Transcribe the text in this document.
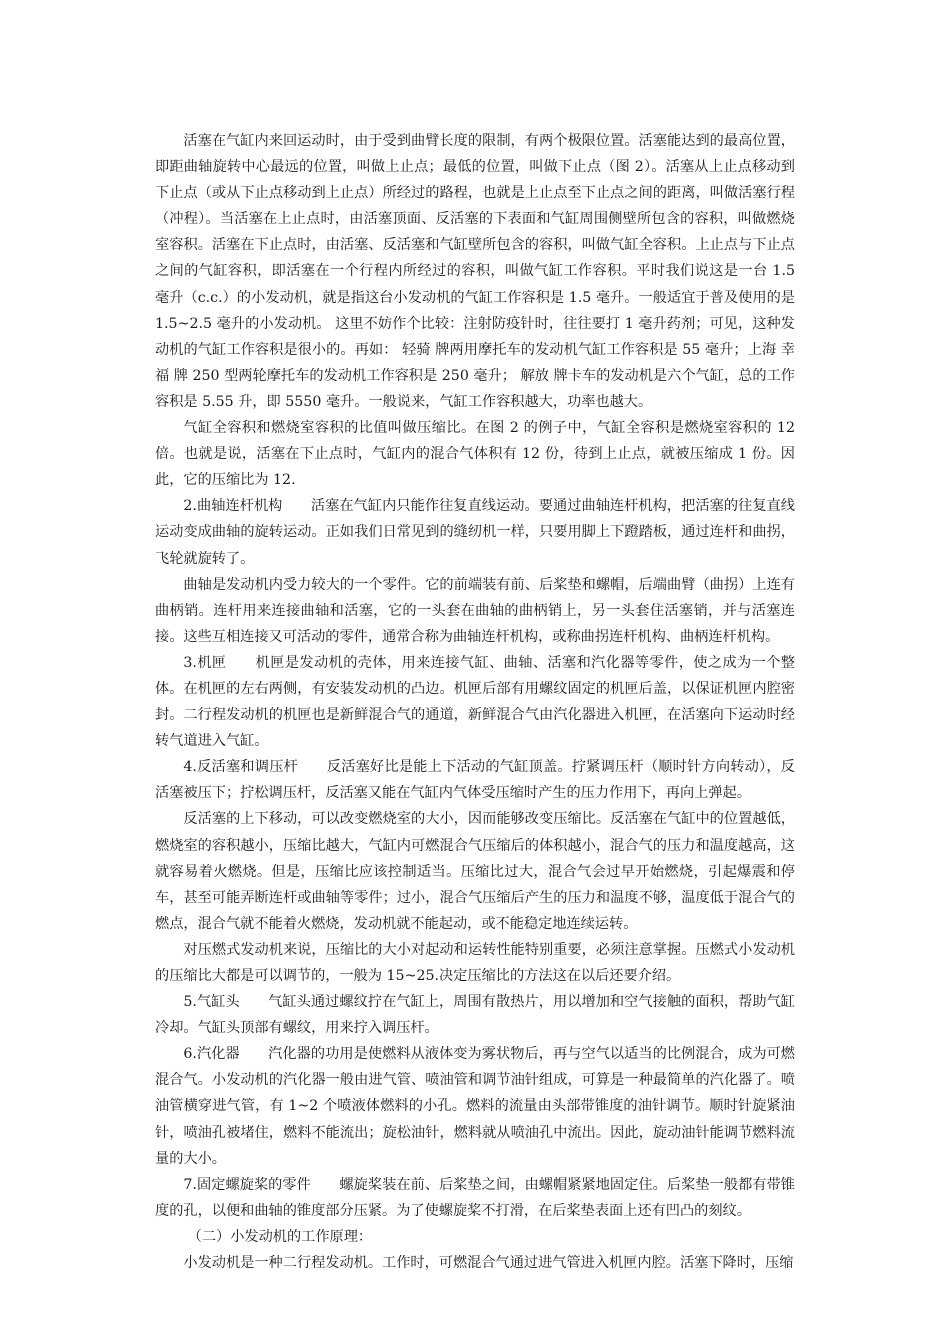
活塞在气缸内来回运动时，由于受到曲臂长度的限制，有两个极限位置。活塞能达到的最高位置，即距曲轴旋转中心最远的位置，叫做上止点；最低的位置，叫做下止点（图 2）。活塞从上止点移动到下止点（或从下止点移动到上止点）所经过的路程，也就是上止点至下止点之间的距离，叫做活塞行程（冲程）。当活塞在上止点时，由活塞顶面、反活塞的下表面和气缸周围侧壁所包含的容积，叫做燃烧室容积。活塞在下止点时，由活塞、反活塞和气缸壁所包含的容积，叫做气缸全容积。上止点与下止点之间的气缸容积，即活塞在一个行程内所经过的容积，叫做气缸工作容积。平时我们说这是一台 1.5 毫升（c.c.）的小发动机，就是指这台小发动机的气缸工作容积是 1.5 毫升。一般适宜于普及使用的是 1.5~2.5 毫升的小发动机。 这里不妨作个比较：注射防疫针时，往往要打 1 毫升药剂；可见，这种发动机的气缸工作容积是很小的。再如： 轻骑 牌两用摩托车的发动机气缸工作容积是 55 毫升；上海 幸福 牌 250 型两轮摩托车的发动机工作容积是 250 毫升； 解放 牌卡车的发动机是六个气缸，总的工作容积是 5.55 升，即 5550 毫升。一般说来，气缸工作容积越大，功率也越大。

气缸全容积和燃烧室容积的比值叫做压缩比。在图 2 的例子中，气缸全容积是燃烧室容积的 12 倍。也就是说，活塞在下止点时，气缸内的混合气体积有 12 份，待到上止点，就被压缩成 1 份。因此，它的压缩比为 12.

2.曲轴连杆机构　　活塞在气缸内只能作往复直线运动。要通过曲轴连杆机构，把活塞的往复直线运动变成曲轴的旋转运动。正如我们日常见到的缝纫机一样，只要用脚上下蹬踏板，通过连杆和曲拐，飞轮就旋转了。

曲轴是发动机内受力较大的一个零件。它的前端装有前、后桨垫和螺帽，后端曲臂（曲拐）上连有曲柄销。连杆用来连接曲轴和活塞，它的一头套在曲轴的曲柄销上，另一头套住活塞销，并与活塞连接。这些互相连接又可活动的零件，通常合称为曲轴连杆机构，或称曲拐连杆机构、曲柄连杆机构。

3.机匣　　机匣是发动机的壳体，用来连接气缸、曲轴、活塞和汽化器等零件，使之成为一个整体。在机匣的左右两侧，有安装发动机的凸边。机匣后部有用螺纹固定的机匣后盖，以保证机匣内腔密封。二行程发动机的机匣也是新鲜混合气的通道，新鲜混合气由汽化器进入机匣，在活塞向下运动时经转气道进入气缸。

4.反活塞和调压杆　　反活塞好比是能上下活动的气缸顶盖。拧紧调压杆（顺时针方向转动），反活塞被压下；拧松调压杆，反活塞又能在气缸内气体受压缩时产生的压力作用下，再向上弹起。

反活塞的上下移动，可以改变燃烧室的大小，因而能够改变压缩比。反活塞在气缸中的位置越低，燃烧室的容积越小，压缩比越大，气缸内可燃混合气压缩后的体积越小，混合气的压力和温度越高，这就容易着火燃烧。但是，压缩比应该控制适当。压缩比过大，混合气会过早开始燃烧，引起爆震和停车，甚至可能弄断连杆或曲轴等零件；过小，混合气压缩后产生的压力和温度不够，温度低于混合气的燃点，混合气就不能着火燃烧，发动机就不能起动，或不能稳定地连续运转。

对压燃式发动机来说，压缩比的大小对起动和运转性能特别重要，必须注意掌握。压燃式小发动机的压缩比大都是可以调节的，一般为 15~25.决定压缩比的方法这在以后还要介绍。

5.气缸头　　气缸头通过螺纹拧在气缸上，周围有散热片，用以增加和空气接触的面积，帮助气缸冷却。气缸头顶部有螺纹，用来拧入调压杆。

6.汽化器　　汽化器的功用是使燃料从液体变为雾状物后，再与空气以适当的比例混合，成为可燃混合气。小发动机的汽化器一般由进气管、喷油管和调节油针组成，可算是一种最简单的汽化器了。喷油管横穿进气管，有 1~2 个喷液体燃料的小孔。燃料的流量由头部带锥度的油针调节。顺时针旋紧油针，喷油孔被堵住，燃料不能流出；旋松油针，燃料就从喷油孔中流出。因此，旋动油针能调节燃料流量的大小。

7.固定螺旋桨的零件　　螺旋桨装在前、后桨垫之间，由螺帽紧紧地固定住。后桨垫一般都有带锥度的孔，以便和曲轴的锥度部分压紧。为了使螺旋桨不打滑，在后桨垫表面上还有凹凸的刻纹。

（二）小发动机的工作原理：

小发动机是一种二行程发动机。工作时，可燃混合气通过进气管进入机匣内腔。活塞下降时，压缩
